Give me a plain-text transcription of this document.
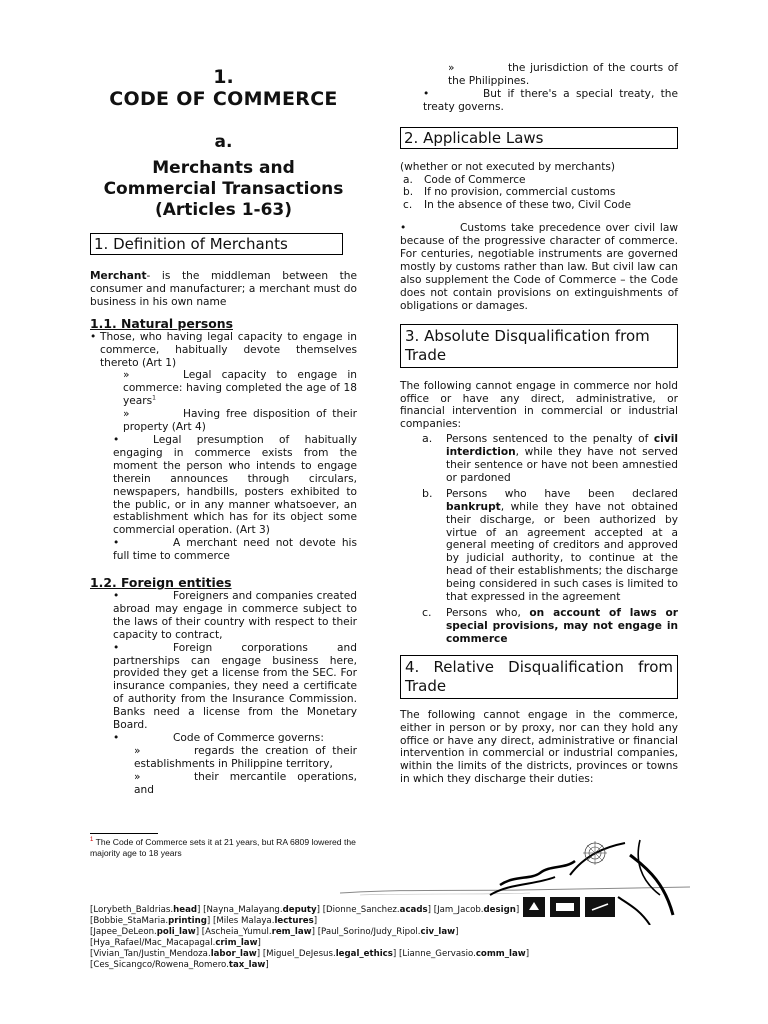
1.
CODE OF COMMERCE
a.
Merchants and
Commercial Transactions
(Articles 1-63)
1. Definition of Merchants

Merchant- is the middleman between the consumer and manufacturer; a merchant must do business in his own name

1.1. Natural persons
• Those, who having legal capacity to engage in commerce, habitually devote themselves thereto (Art 1)
»	Legal capacity to engage in commerce: having completed the age of 18 years$^1$
»	Having free disposition of their property (Art 4)
•	Legal presumption of habitually engaging in commerce exists from the moment the person who intends to engage therein announces through circulars, newspapers, handbills, posters exhibited to the public, or in any manner whatsoever, an establishment which has for its object some commercial operation. (Art 3)
•	A merchant need not devote his full time to commerce
1.2. Foreign entities
•	Foreigners and companies created abroad may engage in commerce subject to the laws of their country with respect to their capacity to contract,
•	Foreign corporations and partnerships can engage business here, provided they get a license from the SEC. For insurance companies, they need a certificate of authority from the Insurance Commission. Banks need a license from the Monetary Board.
•	Code of Commerce governs:
»	regards the creation of their establishments in Philippine territory,
»	their mercantile operations, and
»	the jurisdiction of the courts of the Philippines.
•	But if there's a special treaty, the treaty governs.
2. Applicable Laws

(whether or not executed by merchants)

a.	Code of Commerce
b.	If no provision, commercial customs
c.	In the absence of these two, Civil Code

•	Customs take precedence over civil law because of the progressive character of commerce. For centuries, negotiable instruments are governed mostly by customs rather than law. But civil law can also supplement the Code of Commerce – the Code does not contain provisions on extinguishments of obligations or damages.

3. Absolute Disqualification from Trade

The following cannot engage in commerce nor hold office or have any direct, administrative, or financial intervention in commercial or industrial companies:

a.	Persons sentenced to the penalty of civil interdiction, while they have not served their sentence or have not been amnestied or pardoned
b.	Persons who have been declared bankrupt, while they have not obtained their discharge, or been authorized by virtue of an agreement accepted at a general meeting of creditors and approved by judicial authority, to continue at the head of their establishments; the discharge being considered in such cases is limited to that expressed in the agreement
c.	Persons who, on account of laws or special provisions, may not engage in commerce
4. Relative Disqualification from Trade

The following cannot engage in the commerce, either in person or by proxy, nor can they hold any office or have any direct, administrative or financial intervention in commercial or industrial companies, within the limits of the districts, provinces or towns in which they discharge their duties:

$^1$ The Code of Commerce sets it at 21 years, but RA 6809 lowered the majority age to 18 years
[Lorybeth_Baldrias.head] [Nayna_Malayang.deputy] [Dionne_Sanchez.acads] [Jam_Jacob.design]
[Bobbie_StaMaria.printing] [Miles Malaya.lectures]
[Japee_DeLeon.poli_law] [Ascheia_Yumul.rem_law] [Paul_Sorino/Judy_Ripol.civ_law] [Hya_Rafael/Mac_Macapagal.crim_law]
[Vivian_Tan/Justin_Mendoza.labor_law] [Miguel_DeJesus.legal_ethics] [Lianne_Gervasio.comm_law]
[Ces_Sicangco/Rowena_Romero.tax_law]
